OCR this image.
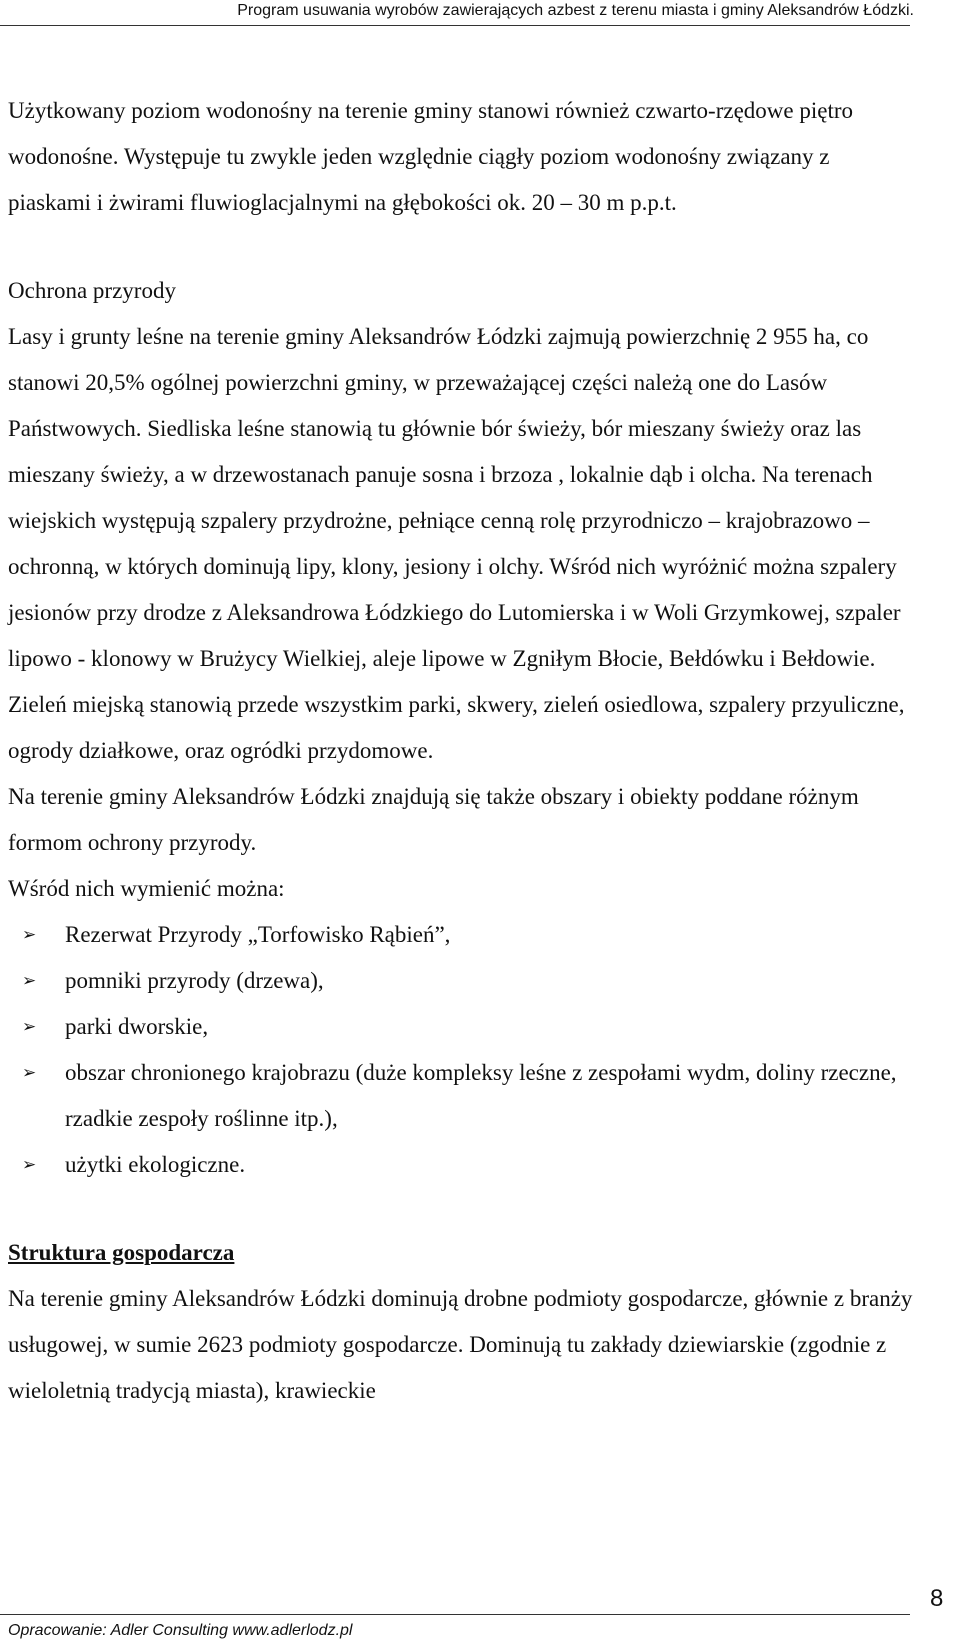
Program usuwania wyrobów zawierających azbest z terenu miasta i gminy Aleksandrów Łódzki.

Użytkowany poziom wodonośny na terenie gminy stanowi również czwarto-rzędowe piętro wodonośne. Występuje tu zwykle jeden względnie ciągły poziom wodonośny związany z piaskami i żwirami fluwioglacjalnymi na głębokości ok. 20 – 30 m p.p.t.

Ochrona przyrody

Lasy i grunty leśne na terenie gminy Aleksandrów Łódzki zajmują powierzchnię 2 955 ha, co stanowi 20,5% ogólnej powierzchni gminy, w przeważającej części należą one do Lasów Państwowych. Siedliska leśne stanowią tu głównie bór świeży, bór mieszany świeży oraz las mieszany świeży, a w drzewostanach panuje sosna i brzoza , lokalnie dąb i olcha. Na terenach wiejskich występują szpalery przydrożne, pełniące cenną rolę przyrodniczo – krajobrazowo – ochronną, w których dominują lipy, klony, jesiony i olchy. Wśród nich wyróżnić można szpalery jesionów przy drodze z Aleksandrowa Łódzkiego do Lutomierska i w Woli Grzymkowej, szpaler lipowo - klonowy w Brużycy Wielkiej, aleje lipowe w Zgniłym Błocie, Bełdówku i Bełdowie. Zieleń miejską stanowią przede wszystkim parki, skwery, zieleń osiedlowa, szpalery przyuliczne, ogrody działkowe, oraz ogródki przydomowe.

Na terenie gminy Aleksandrów Łódzki znajdują się także obszary i obiekty poddane różnym formom ochrony przyrody.

Wśród nich wymienić można:

➢ Rezerwat Przyrody „Torfowisko Rąbień”,
➢ pomniki przyrody (drzewa),
➢ parki dworskie,
➢ obszar chronionego krajobrazu (duże kompleksy leśne z zespołami wydm, doliny rzeczne, rzadkie zespoły roślinne itp.),
➢ użytki ekologiczne.
Struktura gospodarcza

Na terenie gminy Aleksandrów Łódzki dominują drobne podmioty gospodarcze, głównie z branży usługowej, w sumie 2623 podmioty gospodarcze. Dominują tu zakłady dziewiarskie (zgodnie z wieloletnią tradycją miasta), krawieckie

8
Opracowanie: Adler Consulting www.adlerlodz.pl
